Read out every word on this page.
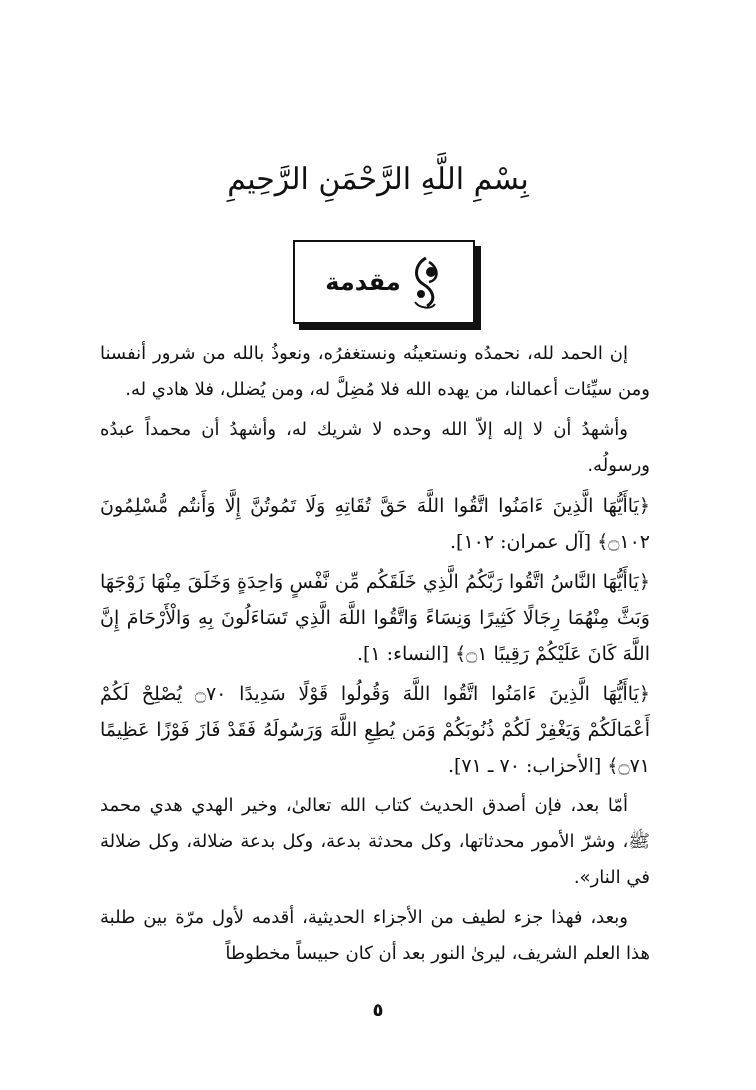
بِسْمِ اللَّهِ الرَّحْمَنِ الرَّحِيمِ
مقدمة

إن الحمد لله، نحمدُه ونستعينُه ونستغفرُه، ونعوذُ بالله من شرور أنفسنا ومن سيِّئات أعمالنا، من يهده الله فلا مُضِلَّ له، ومن يُضلل، فلا هادي له.

وأشهدُ أن لا إله إلاّ الله وحده لا شريك له، وأشهدُ أن محمداً عبدُه ورسولُه.

﴿يَاأَيُّهَا الَّذِينَ ءَامَنُوا اتَّقُوا اللَّهَ حَقَّ تُقَاتِهِ وَلَا تَمُوتُنَّ إِلَّا وَأَنتُم مُّسْلِمُونَ ۝١٠٢﴾ [آل عمران: ١٠٢].

﴿يَاأَيُّهَا النَّاسُ اتَّقُوا رَبَّكُمُ الَّذِي خَلَقَكُم مِّن نَّفْسٍ وَاحِدَةٍ وَخَلَقَ مِنْهَا زَوْجَهَا وَبَثَّ مِنْهُمَا رِجَالًا كَثِيرًا وَنِسَاءً وَاتَّقُوا اللَّهَ الَّذِي تَسَاءَلُونَ بِهِ وَالْأَرْحَامَ إِنَّ اللَّهَ كَانَ عَلَيْكُمْ رَقِيبًا ۝١﴾ [النساء: ١].

﴿يَاأَيُّهَا الَّذِينَ ءَامَنُوا اتَّقُوا اللَّهَ وَقُولُوا قَوْلًا سَدِيدًا ۝٧٠ يُصْلِحْ لَكُمْ أَعْمَالَكُمْ وَيَغْفِرْ لَكُمْ ذُنُوبَكُمْ وَمَن يُطِعِ اللَّهَ وَرَسُولَهُ فَقَدْ فَازَ فَوْزًا عَظِيمًا ۝٧١﴾ [الأحزاب: ٧٠ ـ ٧١].

أمّا بعد، فإن أصدق الحديث كتاب الله تعالىٰ، وخير الهدي هدي محمد ﷺ، وشرّ الأمور محدثاتها، وكل محدثة بدعة، وكل بدعة ضلالة، وكل ضلالة في النار».

وبعد، فهذا جزء لطيف من الأجزاء الحديثية، أقدمه لأول مرّة بين طلبة هذا العلم الشريف، ليرىٰ النور بعد أن كان حبيساً مخطوطاً

٥
